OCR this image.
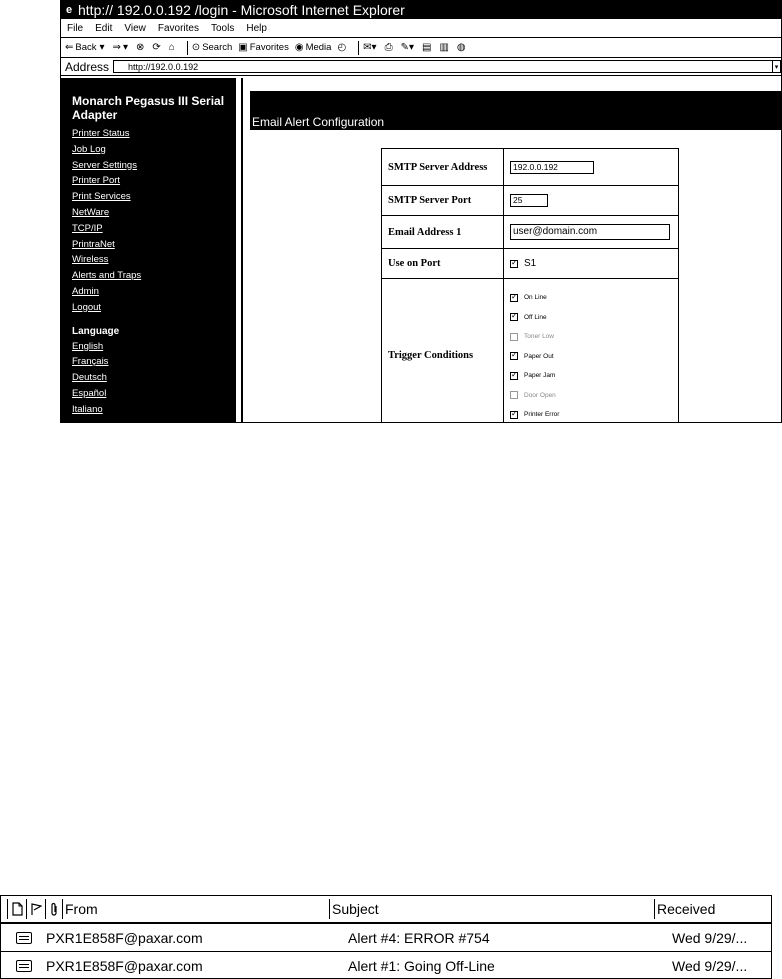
e http:// 192.0.0.192 /login - Microsoft Internet Explorer
File Edit View Favorites Tools Help
⇐ Back ▾ ⇒ ▾ ⊗ ⟳ ⌂ ⊙ Search ▣ Favorites ◉ Media ◴ ✉▾ ⎙ ✎▾ ▤ ▥ ◍
Address	http://192.0.0.192	▾
Monarch Pegasus III Serial Adapter
Printer Status
Job Log
Server Settings
Printer Port
Print Services
NetWare
TCP/IP
PrintraNet
Wireless
Alerts and Traps
Admin
Logout
Language
English
Français
Deutsch
Español
Italiano
Email Alert Configuration
SMTP Server Address	192.0.0.192
SMTP Server Port	25
Email Address 1	user@domain.com
Use on Port
✓	S1
Trigger Conditions
✓
On Line
✓
Off Line
Toner Low
✓
Paper Out
✓
Paper Jam
Door Open
✓
Printer Error
From	Subject	Received
PXR1E858F@paxar.com	Alert #4: ERROR #754	Wed 9/29/...
PXR1E858F@paxar.com	Alert #1: Going Off-Line	Wed 9/29/...
